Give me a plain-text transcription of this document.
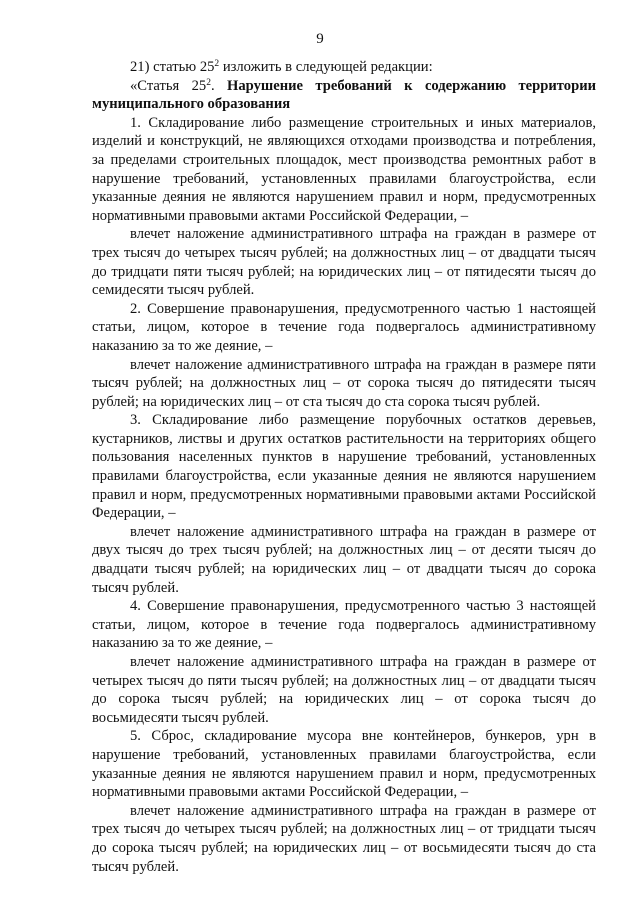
9

21) статью $25^2$ изложить в следующей редакции:

«Статья $25^2$. Нарушение требований к содержанию территории муниципального образования

1. Складирование либо размещение строительных и иных материалов, изделий и конструкций, не являющихся отходами производства и потребления, за пределами строительных площадок, мест производства ремонтных работ в нарушение требований, установленных правилами благоустройства, если указанные деяния не являются нарушением правил и норм, предусмотренных нормативными правовыми актами Российской Федерации, –

влечет наложение административного штрафа на граждан в размере от трех тысяч до четырех тысяч рублей; на должностных лиц – от двадцати тысяч до тридцати пяти тысяч рублей; на юридических лиц – от пятидесяти тысяч до семидесяти тысяч рублей.

2. Совершение правонарушения, предусмотренного частью 1 настоящей статьи, лицом, которое в течение года подвергалось административному наказанию за то же деяние, –

влечет наложение административного штрафа на граждан в размере пяти тысяч рублей; на должностных лиц – от сорока тысяч до пятидесяти тысяч рублей; на юридических лиц – от ста тысяч до ста сорока тысяч рублей.

3. Складирование либо размещение порубочных остатков деревьев, кустарников, листвы и других остатков растительности на территориях общего пользования населенных пунктов в нарушение требований, установленных правилами благоустройства, если указанные деяния не являются нарушением правил и норм, предусмотренных нормативными правовыми актами Российской Федерации, –

влечет наложение административного штрафа на граждан в размере от двух тысяч до трех тысяч рублей; на должностных лиц – от десяти тысяч до двадцати тысяч рублей; на юридических лиц – от двадцати тысяч до сорока тысяч рублей.

4. Совершение правонарушения, предусмотренного частью 3 настоящей статьи, лицом, которое в течение года подвергалось административному наказанию за то же деяние, –

влечет наложение административного штрафа на граждан в размере от четырех тысяч до пяти тысяч рублей; на должностных лиц – от двадцати тысяч до сорока тысяч рублей; на юридических лиц – от сорока тысяч до восьмидесяти тысяч рублей.

5. Сброс, складирование мусора вне контейнеров, бункеров, урн в нарушение требований, установленных правилами благоустройства, если указанные деяния не являются нарушением правил и норм, предусмотренных нормативными правовыми актами Российской Федерации, –

влечет наложение административного штрафа на граждан в размере от трех тысяч до четырех тысяч рублей; на должностных лиц – от тридцати тысяч до сорока тысяч рублей; на юридических лиц – от восьмидесяти тысяч до ста тысяч рублей.
